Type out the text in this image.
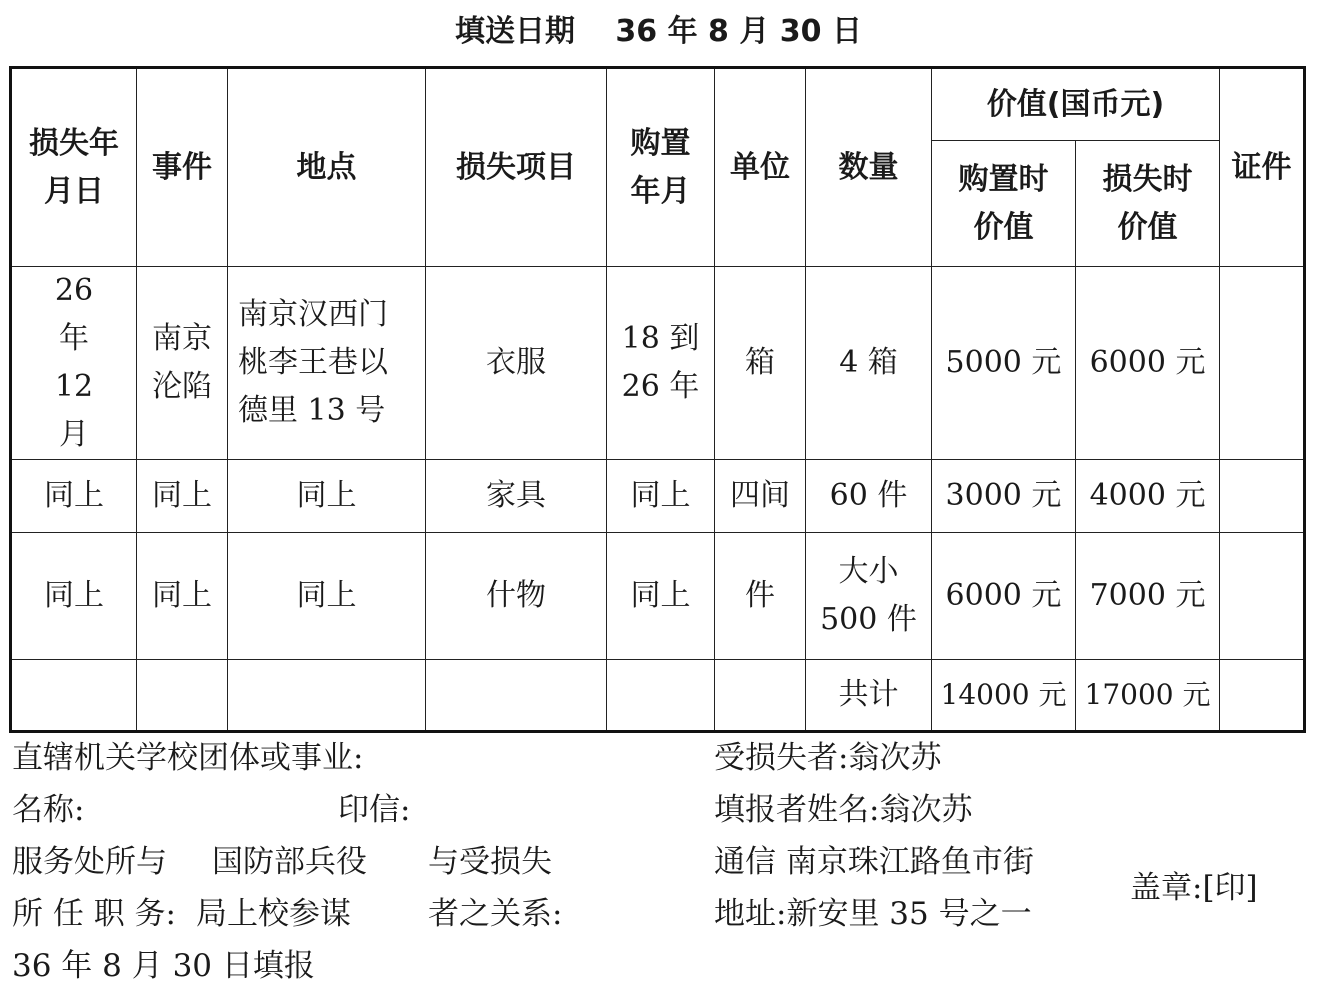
填送日期　 36 年 8 月 30 日
损失年月日	事件	地点	损失项目	购置年月	单位	数量	价值(国币元)		证件
							购置时价值	损失时价值	
26 年 12 月	南京沦陷	南京汉西门桃李王巷以德里 13 号	衣服	18 到 26 年	箱	4 箱	5000 元	6000 元	
同上	同上	同上	家具	同上	四间	60 件	3000 元	4000 元	
同上	同上	同上	什物	同上	件	大小 500 件	6000 元	7000 元	
						共计	14000 元	17000 元	
直辖机关学校团体或事业:
名称:	印信:
服务处所与 国防部兵役 与受损失
所 任 职 务: 局上校参谋 者之关系:
36 年 8 月 30 日填报
受损失者:翁次苏
填报者姓名:翁次苏
通信 南京珠江路鱼市街
地址:新安里 35 号之一
盖章:[印]
